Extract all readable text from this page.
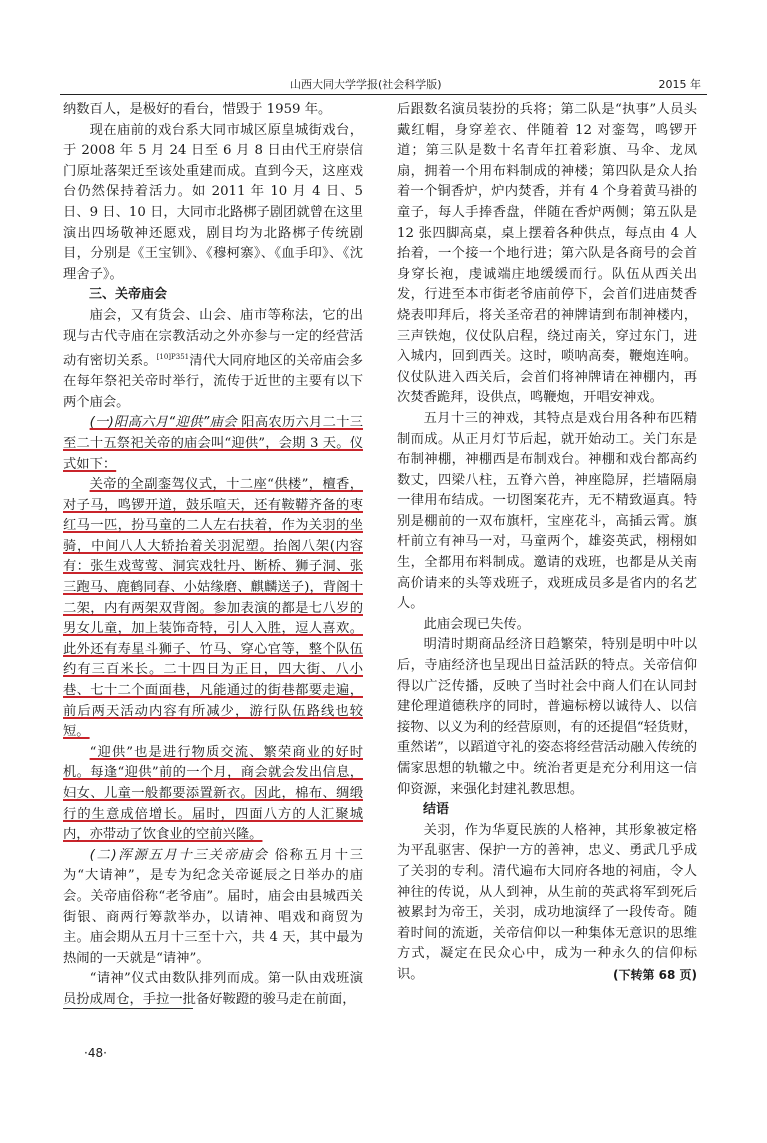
山西大同大学学报(社会科学版)	2015 年

纳数百人，是极好的看台，惜毁于 1959 年。

现在庙前的戏台系大同市城区原皇城街戏台，于 2008 年 5 月 24 日至 6 月 8 日由代王府崇信门原址落架迁至该处重建而成。直到今天，这座戏台仍然保持着活力。如 2011 年 10 月 4 日、5 日、9 日、10 日，大同市北路梆子剧团就曾在这里演出四场敬神还愿戏，剧目均为北路梆子传统剧目，分别是《王宝钏》、《穆柯寨》、《血手印》、《沈理舍子》。

三、关帝庙会

庙会，又有货会、山会、庙市等称法，它的出现与古代寺庙在宗教活动之外亦参与一定的经营活动有密切关系。$^{[10]P351}$清代大同府地区的关帝庙会多在每年祭祀关帝时举行，流传于近世的主要有以下两个庙会。

(一)阳高六月“迎供”庙会 阳高农历六月二十三至二十五祭祀关帝的庙会叫“迎供”，会期 3 天。仪式如下：

关帝的全副銮驾仪式，十二座“供楼”，檀香，对子马，鸣锣开道，鼓乐喧天，还有鞍鞯齐备的枣红马一匹，扮马童的二人左右扶着，作为关羽的坐骑，中间八人大轿抬着关羽泥塑。抬阁八架(内容有：张生戏莺莺、洞宾戏牡丹、断桥、狮子洞、张三跑马、鹿鹤同春、小姑缘磨、麒麟送子)，背阁十二架，内有两架双背阁。参加表演的都是七八岁的男女儿童，加上装饰奇特，引人入胜，逗人喜欢。此外还有寿星斗狮子、竹马、穿心官等，整个队伍约有三百米长。二十四日为正日，四大街、八小巷、七十二个面面巷，凡能通过的街巷都要走遍，前后两天活动内容有所减少，游行队伍路线也较短。

“迎供”也是进行物质交流、繁荣商业的好时机。每逢“迎供”前的一个月，商会就会发出信息，妇女、儿童一般都要添置新衣。因此，棉布、绸缎行的生意成倍增长。届时，四面八方的人汇聚城内，亦带动了饮食业的空前兴隆。

(二)浑源五月十三关帝庙会 俗称五月十三为“大请神”，是专为纪念关帝诞辰之日举办的庙会。关帝庙俗称“老爷庙”。届时，庙会由县城西关街银、商两行筹款举办，以请神、唱戏和商贸为主。庙会期从五月十三至十六，共 4 天，其中最为热闹的一天就是“请神”。

“请神”仪式由数队排列而成。第一队由戏班演员扮成周仓，手拉一批备好鞍蹬的骏马走在前面，

后跟数名演员装扮的兵将；第二队是“执事”人员头戴红帽，身穿差衣、伴随着 12 对銮驾，鸣锣开道；第三队是数十名青年扛着彩旗、马伞、龙凤扇，拥着一个用布料制成的神楼；第四队是众人抬着一个铜香炉，炉内焚香，并有 4 个身着黄马褂的童子，每人手捧香盘，伴随在香炉两侧；第五队是 12 张四脚高桌，桌上摆着各种供点，每点由 4 人抬着，一个接一个地行进；第六队是各商号的会首身穿长袍，虔诚端庄地缓缓而行。队伍从西关出发，行进至本市街老爷庙前停下，会首们进庙焚香烧表叩拜后，将关圣帝君的神牌请到布制神楼内，三声铁炮，仪仗队启程，绕过南关，穿过东门，进入城内，回到西关。这时，唢呐高奏，鞭炮连响。仪仗队进入西关后，会首们将神牌请在神棚内，再次焚香跪拜，设供点，鸣鞭炮，开唱安神戏。

五月十三的神戏，其特点是戏台用各种布匹精制而成。从正月灯节后起，就开始动工。关门东是布制神棚，神棚西是布制戏台。神棚和戏台都高约数丈，四梁八柱，五脊六兽，神座隐屏，拦墙隔扇一律用布结成。一切图案花卉，无不精致逼真。特别是棚前的一双布旗杆，宝座花斗，高插云霄。旗杆前立有神马一对，马童两个，雄姿英武，栩栩如生，全都用布料制成。邀请的戏班，也都是从关南高价请来的头等戏班子，戏班成员多是省内的名艺人。

此庙会现已失传。

明清时期商品经济日趋繁荣，特别是明中叶以后，寺庙经济也呈现出日益活跃的特点。关帝信仰得以广泛传播，反映了当时社会中商人们在认同封建伦理道德秩序的同时，普遍标榜以诚待人、以信接物、以义为利的经营原则，有的还提倡“轻货财，重然诺”，以蹈道守礼的姿态将经营活动融入传统的儒家思想的轨辙之中。统治者更是充分利用这一信仰资源，来强化封建礼教思想。

结语

关羽，作为华夏民族的人格神，其形象被定格为平乱驱害、保护一方的善神，忠义、勇武几乎成了关羽的专利。清代遍布大同府各地的祠庙，令人神往的传说，从人到神，从生前的英武将军到死后被累封为帝王，关羽，成功地演绎了一段传奇。随着时间的流逝，关帝信仰以一种集体无意识的思维方式，凝定在民众心中，成为一种永久的信仰标识。	(下转第 68 页)

·48·
